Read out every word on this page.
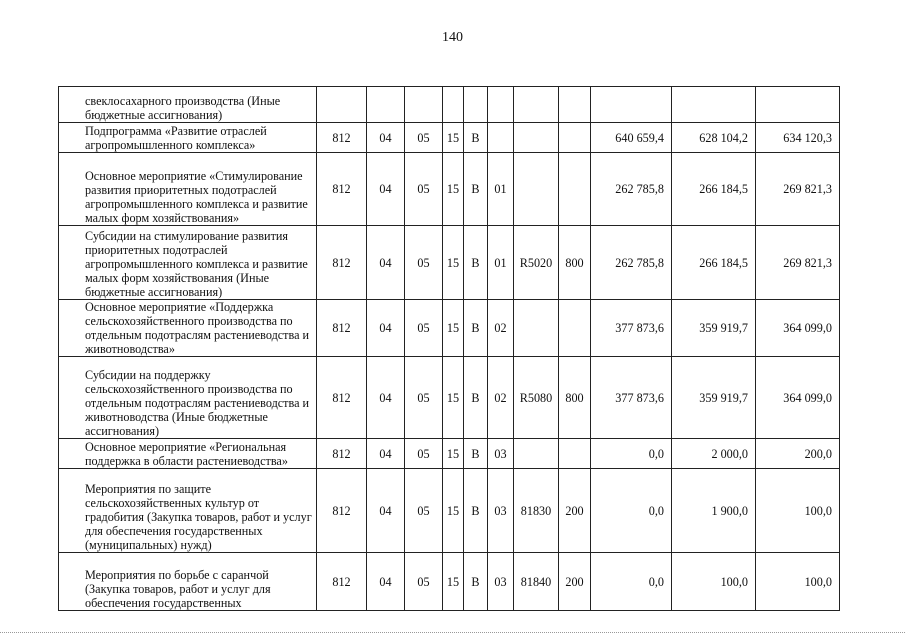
140
свеклосахарного производства (Иные бюджетные ассигнования)											
Подпрограмма «Развитие отраслей агропромышленного комплекса»	812	04	05	15	В				640 659,4	628 104,2	634 120,3
Основное мероприятие «Стимулирование развития приоритетных подотраслей агропромышленного комплекса и развитие малых форм хозяйствования»	812	04	05	15	В	01			262 785,8	266 184,5	269 821,3
Субсидии на стимулирование развития приоритетных подотраслей агропромышленного комплекса и развитие малых форм хозяйствования (Иные бюджетные ассигнования)	812	04	05	15	В	01	R5020	800	262 785,8	266 184,5	269 821,3
Основное мероприятие «Поддержка сельскохозяйственного производства по отдельным подотраслям растениеводства и животноводства»	812	04	05	15	В	02			377 873,6	359 919,7	364 099,0
Субсидии на поддержку сельскохозяйственного производства по отдельным подотраслям растениеводства и животноводства (Иные бюджетные ассигнования)	812	04	05	15	В	02	R5080	800	377 873,6	359 919,7	364 099,0
Основное мероприятие «Региональная поддержка в области растениеводства»	812	04	05	15	В	03			0,0	2 000,0	200,0
Мероприятия по защите сельскохозяйственных культур от градобития (Закупка товаров, работ и услуг для обеспечения государственных (муниципальных) нужд)	812	04	05	15	В	03	81830	200	0,0	1 900,0	100,0
Мероприятия по борьбе с саранчой (Закупка товаров, работ и услуг для обеспечения государственных	812	04	05	15	В	03	81840	200	0,0	100,0	100,0
